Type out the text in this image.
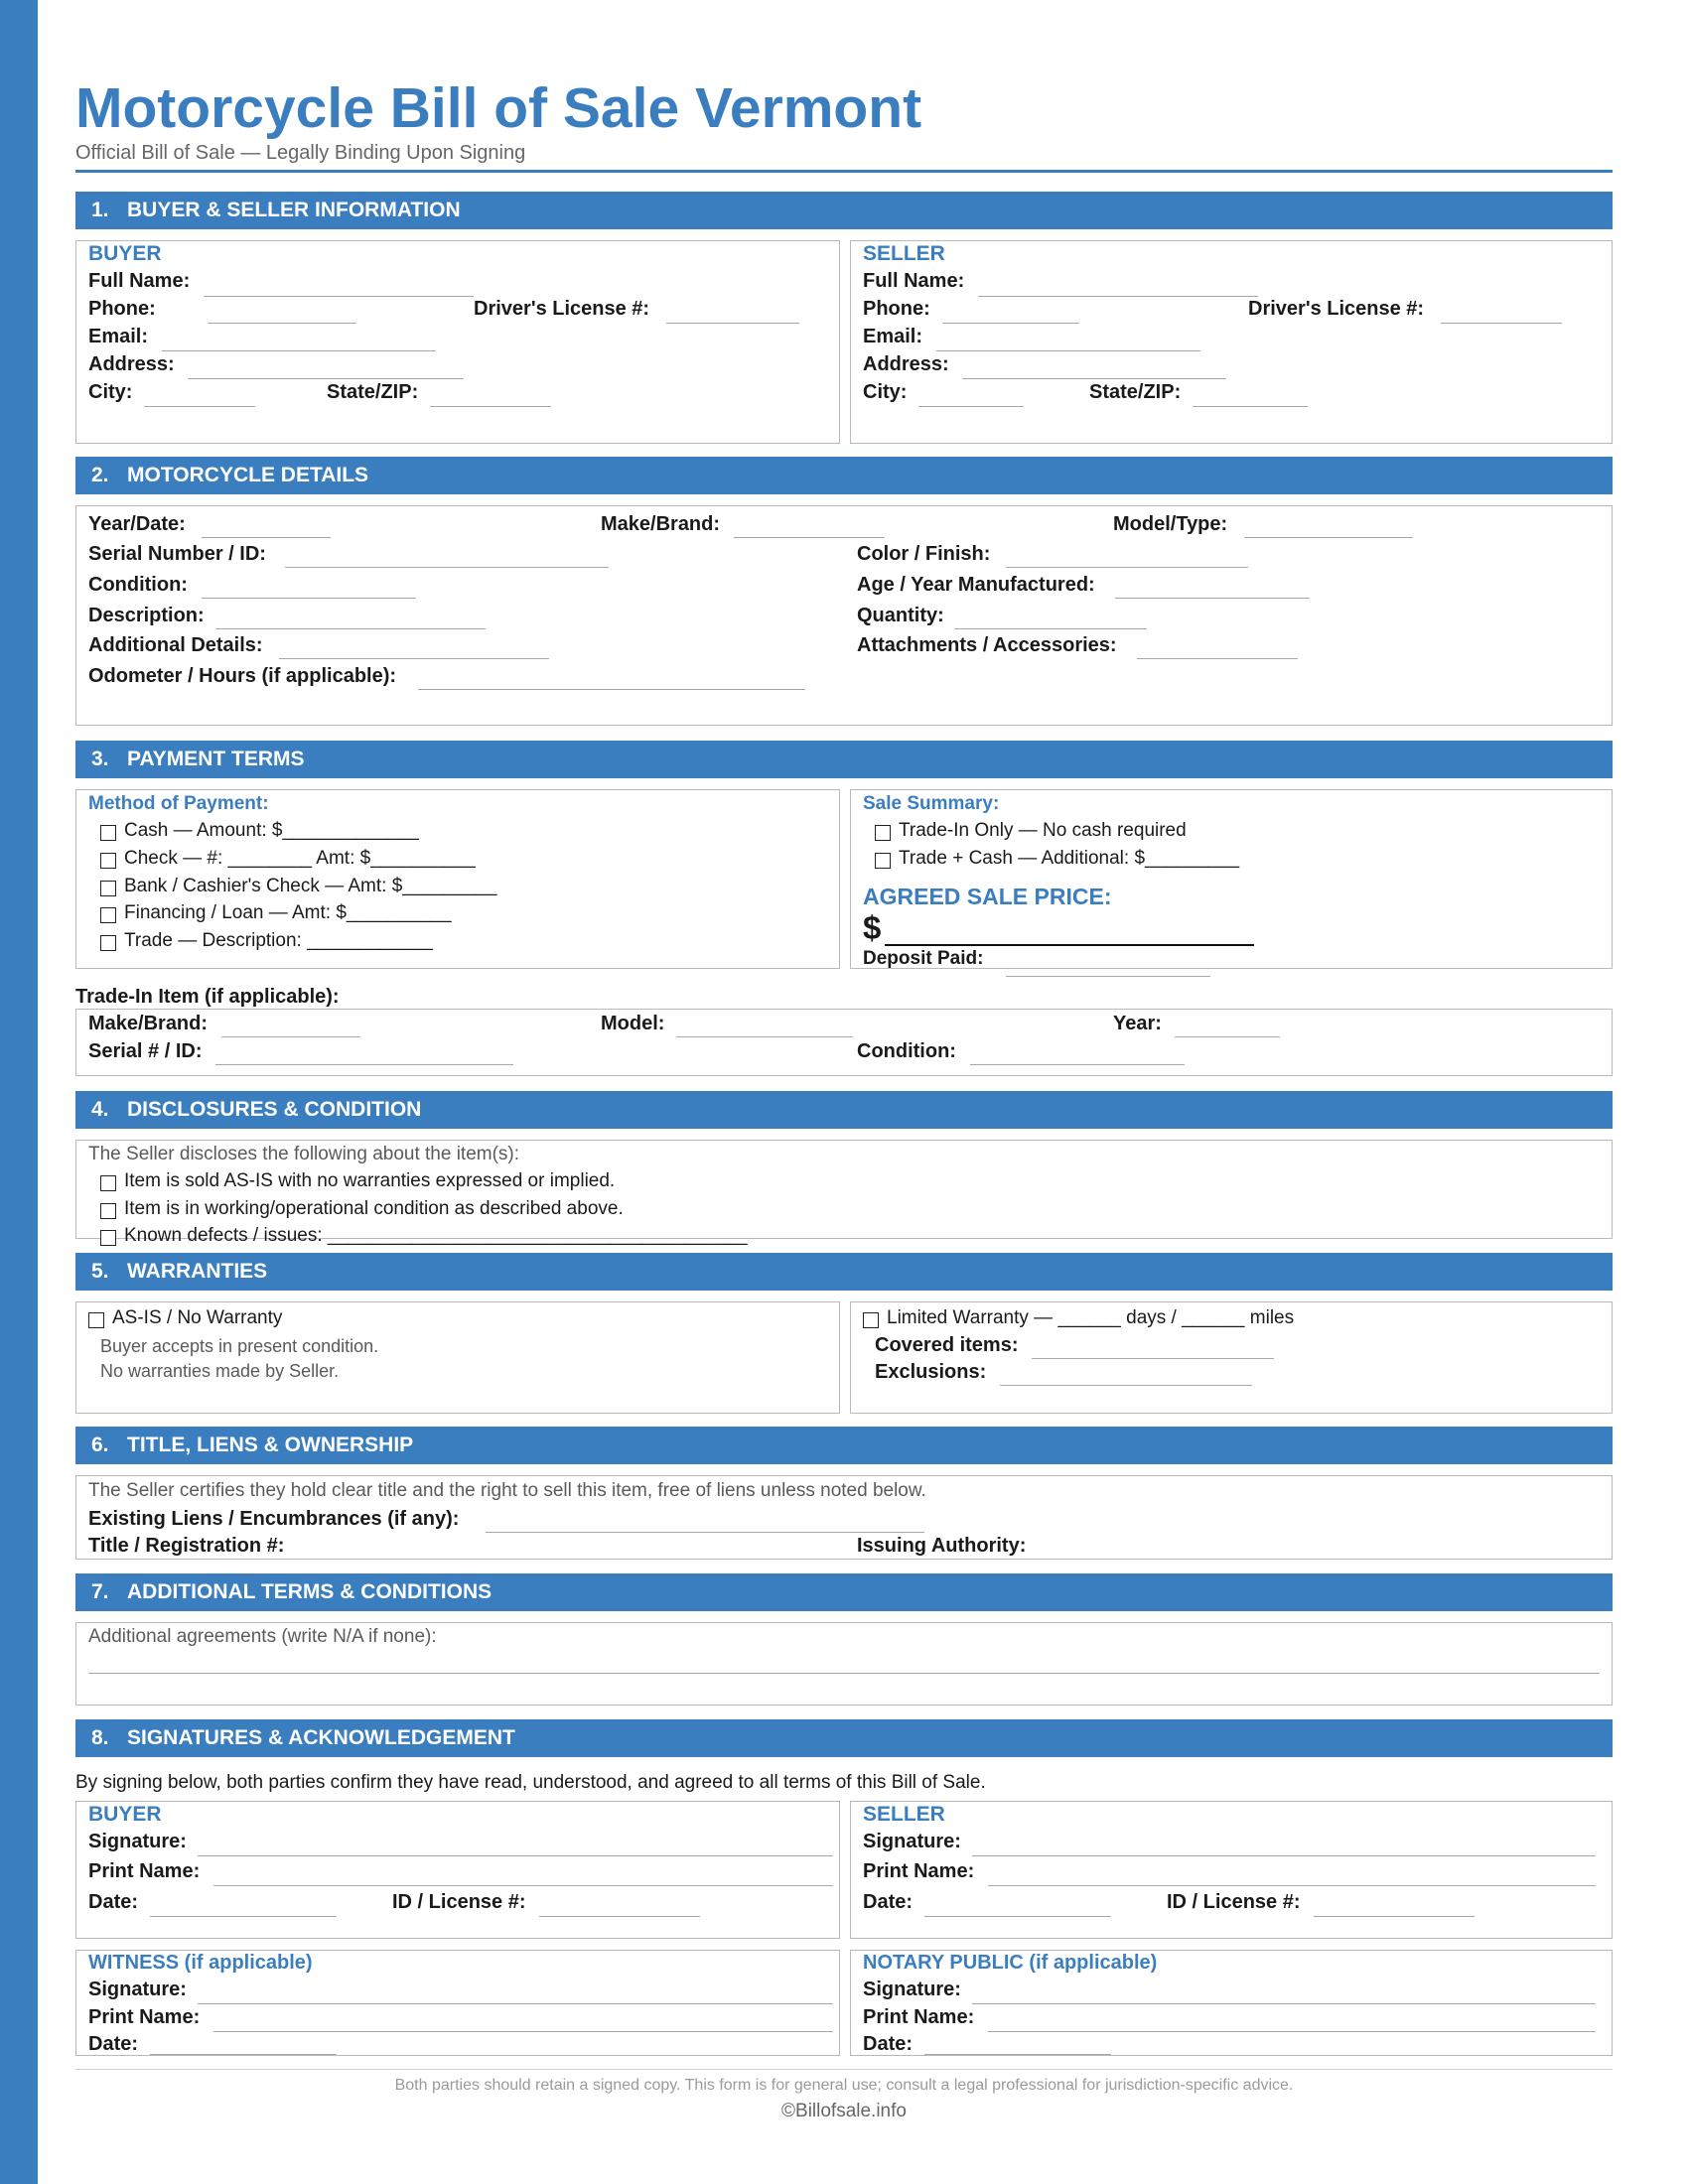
Motorcycle Bill of Sale Vermont
Official Bill of Sale — Legally Binding Upon Signing
1. BUYER & SELLER INFORMATION
BUYER
Full Name:
Phone:	Driver's License #:
Email:
Address:
City:	State/ZIP:
SELLER
Full Name:
Phone:	Driver's License #:
Email:
Address:
City:	State/ZIP:
2. MOTORCYCLE DETAILS
Year/Date:	Make/Brand:	Model/Type:
Serial Number / ID:	Color / Finish:
Condition:	Age / Year Manufactured:
Description:	Quantity:
Additional Details:	Attachments / Accessories:
Odometer / Hours (if applicable):
3. PAYMENT TERMS
Method of Payment:
Cash — Amount: $_____________
Check — #: ________ Amt: $__________
Bank / Cashier's Check — Amt: $_________
Financing / Loan — Amt: $__________
Trade — Description: ____________
Sale Summary:
Trade-In Only — No cash required
Trade + Cash — Additional: $_________
AGREED SALE PRICE:
$
Deposit Paid:
Trade-In Item (if applicable):
Make/Brand:	Model:	Year:
Serial # / ID:	Condition:
4. DISCLOSURES & CONDITION
The Seller discloses the following about the item(s):
Item is sold AS-IS with no warranties expressed or implied.
Item is in working/operational condition as described above.
Known defects / issues: ________________________________________
5. WARRANTIES
AS-IS / No Warranty
Buyer accepts in present condition.
No warranties made by Seller.
Limited Warranty — ______ days / ______ miles
Covered items:
Exclusions:
6. TITLE, LIENS & OWNERSHIP
The Seller certifies they hold clear title and the right to sell this item, free of liens unless noted below.
Existing Liens / Encumbrances (if any):
Title / Registration #:	Issuing Authority:
7. ADDITIONAL TERMS & CONDITIONS
Additional agreements (write N/A if none):
8. SIGNATURES & ACKNOWLEDGEMENT
By signing below, both parties confirm they have read, understood, and agreed to all terms of this Bill of Sale.
BUYER
Signature:
Print Name:
Date:	ID / License #:
SELLER
Signature:
Print Name:
Date:	ID / License #:
WITNESS (if applicable)
Signature:
Print Name:
Date:
NOTARY PUBLIC (if applicable)
Signature:
Print Name:
Date:
Both parties should retain a signed copy. This form is for general use; consult a legal professional for jurisdiction-specific advice.
©Billofsale.info
